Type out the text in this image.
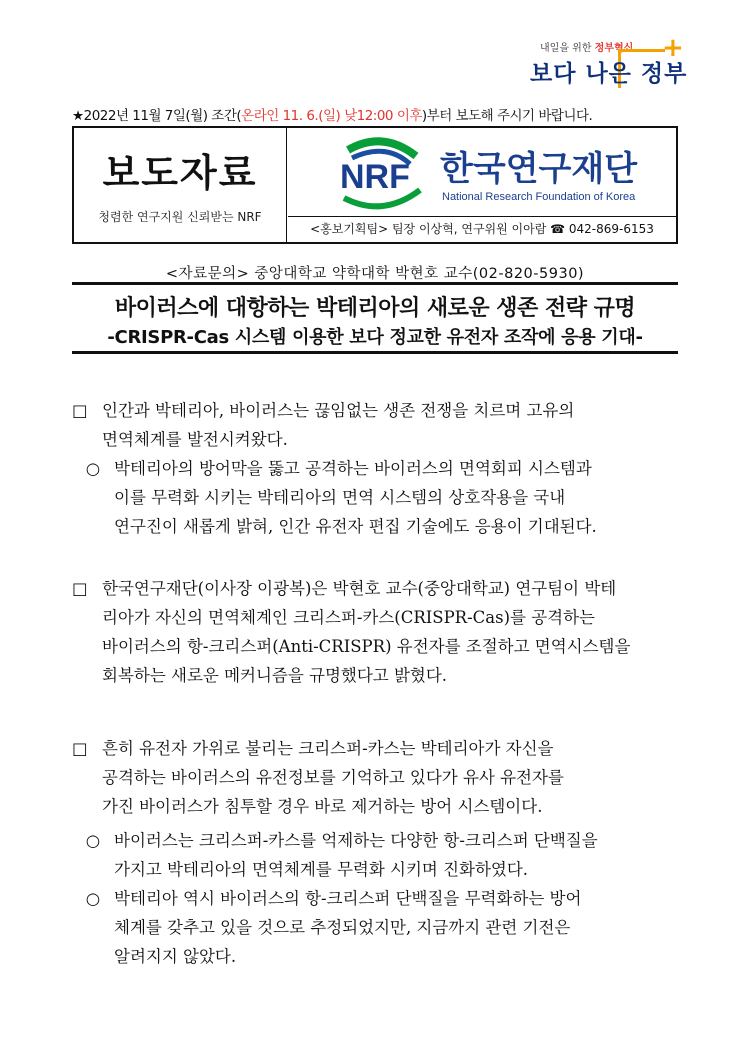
내일을 위한 정부혁신 +
보다 나은 정부
★2022년 11월 7일(월) 조간(온라인 11. 6.(일) 낮12:00 이후)부터 보도해 주시기 바랍니다.
보도자료
청렴한 연구지원 신뢰받는 NRF
NRF 한국연구재단
National Research Foundation of Korea
<홍보기획팀> 팀장 이상혁, 연구위원 이아람 ☎ 042-869-6153
<자료문의> 중앙대학교 약학대학 박현호 교수(02-820-5930)
바이러스에 대항하는 박테리아의 새로운 생존 전략 규명
-CRISPR-Cas 시스템 이용한 보다 정교한 유전자 조작에 응용 기대-
□ 인간과 박테리아, 바이러스는 끊임없는 생존 전쟁을 치르며 고유의
면역체계를 발전시켜왔다.
○ 박테리아의 방어막을 뚫고 공격하는 바이러스의 면역회피 시스템과
이를 무력화 시키는 박테리아의 면역 시스템의 상호작용을 국내
연구진이 새롭게 밝혀, 인간 유전자 편집 기술에도 응용이 기대된다.
□ 한국연구재단(이사장 이광복)은 박현호 교수(중앙대학교) 연구팀이 박테
리아가 자신의 면역체계인 크리스퍼-카스(CRISPR-Cas)를 공격하는
바이러스의 항-크리스퍼(Anti-CRISPR) 유전자를 조절하고 면역시스템을
회복하는 새로운 메커니즘을 규명했다고 밝혔다.
□ 흔히 유전자 가위로 불리는 크리스퍼-카스는 박테리아가 자신을
공격하는 바이러스의 유전정보를 기억하고 있다가 유사 유전자를
가진 바이러스가 침투할 경우 바로 제거하는 방어 시스템이다.
○ 바이러스는 크리스퍼-카스를 억제하는 다양한 항-크리스퍼 단백질을
가지고 박테리아의 면역체계를 무력화 시키며 진화하였다.
○ 박테리아 역시 바이러스의 항-크리스퍼 단백질을 무력화하는 방어
체계를 갖추고 있을 것으로 추정되었지만, 지금까지 관련 기전은
알려지지 않았다.
